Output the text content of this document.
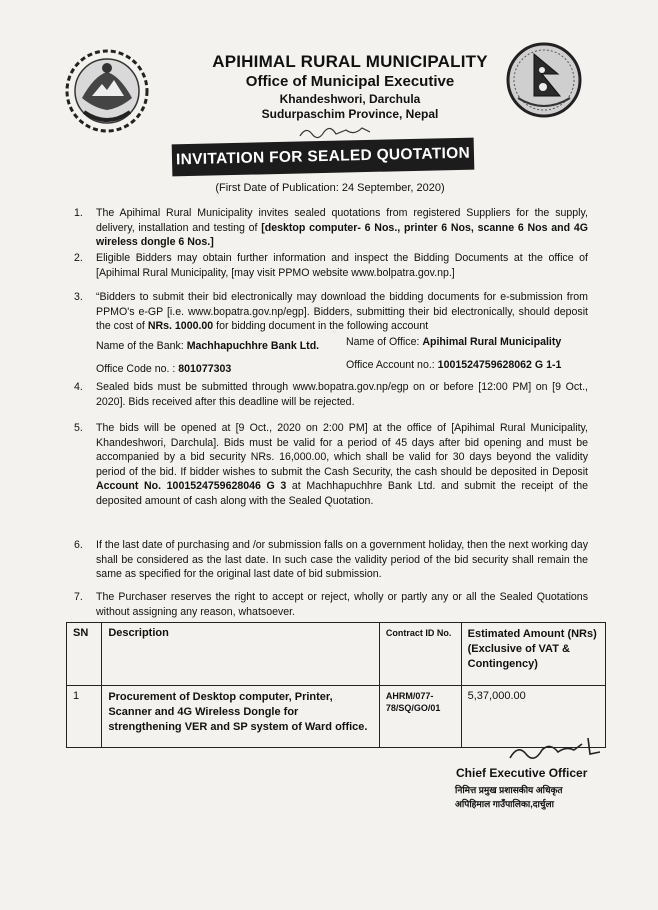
APIHIMAL RURAL MUNICIPALITY
Office of Municipal Executive
Khandeshwori, Darchula
Sudurpaschim Province, Nepal
INVITATION FOR SEALED QUOTATION
(First Date of Publication: 24 September, 2020)
1. The Apihimal Rural Municipality invites sealed quotations from registered Suppliers for the supply, delivery, installation and testing of [desktop computer- 6 Nos., printer 6 Nos, scanne 6 Nos and 4G wireless dongle 6 Nos.]
2. Eligible Bidders may obtain further information and inspect the Bidding Documents at the office of [Apihimal Rural Municipality, [may visit PPMO website www.bolpatra.gov.np.]
3. “Bidders to submit their bid electronically may download the bidding documents for e-submission from PPMO's e-GP [i.e. www.bopatra.gov.np/egp]. Bidders, submitting their bid electronically, should deposit the cost of NRs. 1000.00 for bidding document in the following account
Name of the Bank: Machhapuchhre Bank Ltd.	Name of Office: Apihimal Rural Municipality
Office Code no. : 801077303	Office Account no.: 1001524759628062 G 1-1
4. Sealed bids must be submitted through www.bopatra.gov.np/egp on or before [12:00 PM] on [9 Oct., 2020]. Bids received after this deadline will be rejected.
5. The bids will be opened at [9 Oct., 2020 on 2:00 PM] at the office of [Apihimal Rural Municipality, Khandeshwori, Darchula]. Bids must be valid for a period of 45 days after bid opening and must be accompanied by a bid security NRs. 16,000.00, which shall be valid for 30 days beyond the validity period of the bid. If bidder wishes to submit the Cash Security, the cash should be deposited in Deposit Account No. 1001524759628046 G 3 at Machhapuchhre Bank Ltd. and submit the receipt of the deposited amount of cash along with the Sealed Quotation.
6. If the last date of purchasing and /or submission falls on a government holiday, then the next working day shall be considered as the last date. In such case the validity period of the bid security shall remain the same as specified for the original last date of bid submission.
7. The Purchaser reserves the right to accept or reject, wholly or partly any or all the Sealed Quotations without assigning any reason, whatsoever.
SN	Description	Contract ID No.	Estimated Amount (NRs) (Exclusive of VAT & Contingency)
1	Procurement of Desktop computer, Printer, Scanner and 4G Wireless Dongle for strengthening VER and SP system of Ward office.	AHRM/077-78/SQ/GO/01	5,37,000.00
Chief Executive Officer
निमित्त प्रमुख प्रशासकीय अधिकृत
अपिहिमाल गाउँपालिका,दार्चुला
